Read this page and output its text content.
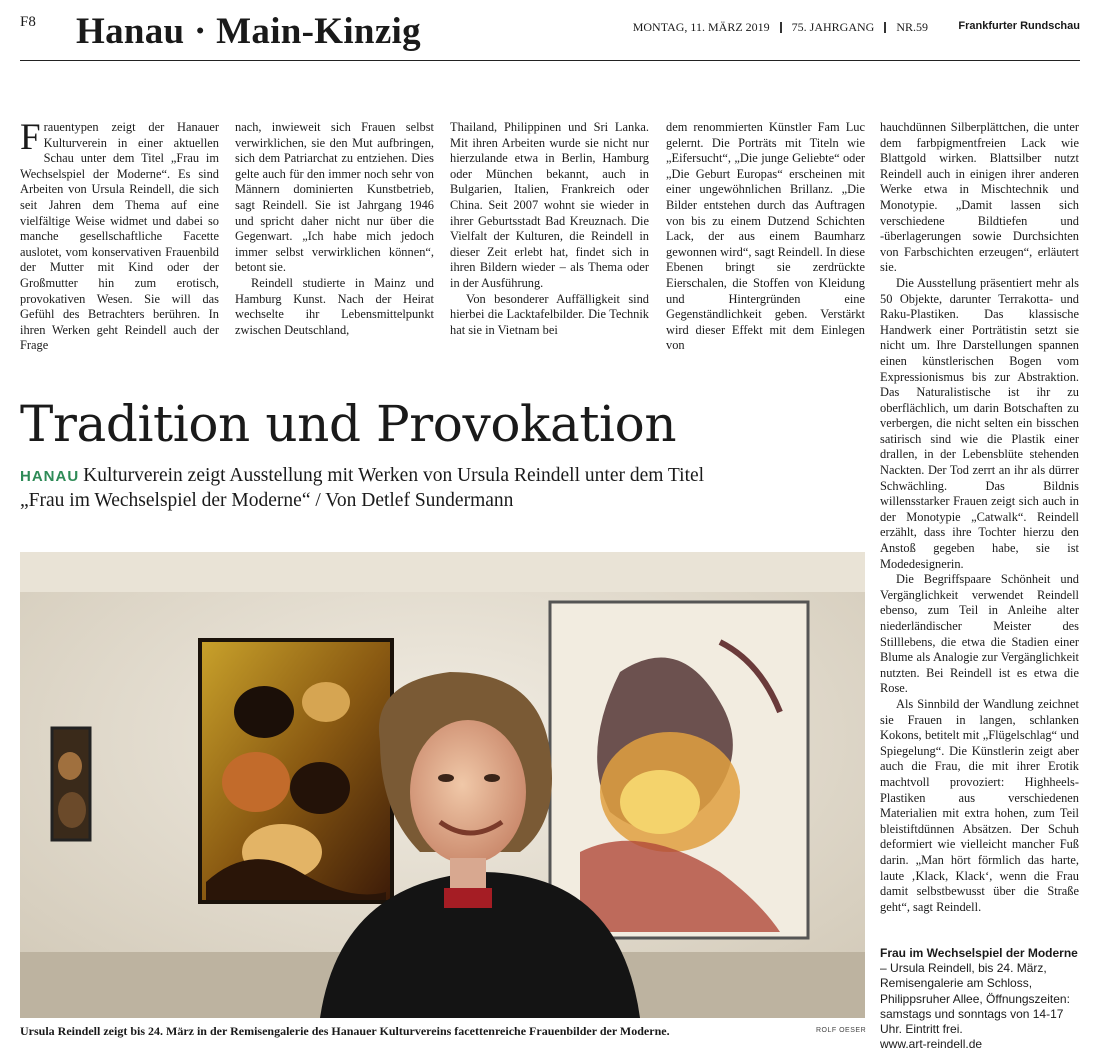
F8 Hanau · Main-Kinzig	MONTAG, 11. MÄRZ 2019 75. JAHRGANG NR.59	Frankfurter Rundschau

Frauentypen zeigt der Hanauer Kulturverein in einer aktuellen Schau unter dem Titel „Frau im Wechselspiel der Moderne“. Es sind Arbeiten von Ursula Reindell, die sich seit Jahren dem Thema auf eine vielfältige Weise widmet und dabei so manche gesellschaftliche Facette auslotet, vom konservativen Frauenbild der Mutter mit Kind oder der Großmutter hin zum erotisch, provokativen Wesen. Sie will das Gefühl des Betrachters berühren. In ihren Werken geht Reindell auch der Frage

nach, inwieweit sich Frauen selbst verwirklichen, sie den Mut aufbringen, sich dem Patriarchat zu entziehen. Dies gelte auch für den immer noch sehr von Männern dominierten Kunstbetrieb, sagt Reindell. Sie ist Jahrgang 1946 und spricht daher nicht nur über die Gegenwart. „Ich habe mich jedoch immer selbst verwirklichen können“, betont sie.

Reindell studierte in Mainz und Hamburg Kunst. Nach der Heirat wechselte ihr Lebensmittelpunkt zwischen Deutschland,

Thailand, Philippinen und Sri Lanka. Mit ihren Arbeiten wurde sie nicht nur hierzulande etwa in Berlin, Hamburg oder München bekannt, auch in Bulgarien, Italien, Frankreich oder China. Seit 2007 wohnt sie wieder in ihrer Geburtsstadt Bad Kreuznach. Die Vielfalt der Kulturen, die Reindell in dieser Zeit erlebt hat, findet sich in ihren Bildern wieder – als Thema oder in der Ausführung.

Von besonderer Auffälligkeit sind hierbei die Lacktafelbilder. Die Technik hat sie in Vietnam bei

dem renommierten Künstler Fam Luc gelernt. Die Porträts mit Titeln wie „Eifersucht“, „Die junge Geliebte“ oder „Die Geburt Europas“ erscheinen mit einer ungewöhnlichen Brillanz. „Die Bilder entstehen durch das Auftragen von bis zu einem Dutzend Schichten Lack, der aus einem Baumharz gewonnen wird“, sagt Reindell. In diese Ebenen bringt sie zerdrückte Eierschalen, die Stoffen von Kleidung und Hintergründen eine Gegenständlichkeit geben. Verstärkt wird dieser Effekt mit dem Einlegen von

hauchdünnen Silberplättchen, die unter dem farbpigmentfreien Lack wie Blattgold wirken. Blattsilber nutzt Reindell auch in einigen ihrer anderen Werke etwa in Mischtechnik und Monotypie. „Damit lassen sich verschiedene Bildtiefen und -überlagerungen sowie Durchsichten von Farbschichten erzeugen“, erläutert sie.

Die Ausstellung präsentiert mehr als 50 Objekte, darunter Terrakotta- und Raku-Plastiken. Das klassische Handwerk einer Porträtistin setzt sie nicht um. Ihre Darstellungen spannen einen künstlerischen Bogen vom Expressionismus bis zur Abstraktion. Das Naturalistische ist ihr zu oberflächlich, um darin Botschaften zu verbergen, die nicht selten ein bisschen satirisch sind wie die Plastik einer drallen, in der Lebensblüte stehenden Nackten. Der Tod zerrt an ihr als dürrer Schwächling. Das Bildnis willensstarker Frauen zeigt sich auch in der Monotypie „Catwalk“. Reindell erzählt, dass ihre Tochter hierzu den Anstoß gegeben habe, sie ist Modedesignerin.

Die Begriffspaare Schönheit und Vergänglichkeit verwendet Reindell ebenso, zum Teil in Anleihe alter niederländischer Meister des Stilllebens, die etwa die Stadien einer Blume als Analogie zur Vergänglichkeit nutzten. Bei Reindell ist es etwa die Rose.

Als Sinnbild der Wandlung zeichnet sie Frauen in langen, schlanken Kokons, betitelt mit „Flügelschlag“ und Spiegelung“. Die Künstlerin zeigt aber auch die Frau, die mit ihrer Erotik machtvoll provoziert: Highheels-Plastiken aus verschiedenen Materialien mit extra hohen, zum Teil bleistiftdünnen Absätzen. Der Schuh deformiert wie vielleicht mancher Fuß darin. „Man hört förmlich das harte, laute ‚Klack, Klack‘, wenn die Frau damit selbstbewusst über die Straße geht“, sagt Reindell.

Tradition und Provokation
HANAU Kulturverein zeigt Ausstellung mit Werken von Ursula Reindell unter dem Titel
„Frau im Wechselspiel der Moderne“ / Von Detlef Sundermann
Ursula Reindell zeigt bis 24. März in der Remisengalerie des Hanauer Kulturvereins facettenreiche Frauenbilder der Moderne.	ROLF OESER
Frau im Wechselspiel der Moderne – Ursula Reindell, bis 24. März, Remisengalerie am Schloss, Philippsruher Allee, Öffnungszeiten: samstags und sonntags von 14-17 Uhr. Eintritt frei.
www.art-reindell.de
